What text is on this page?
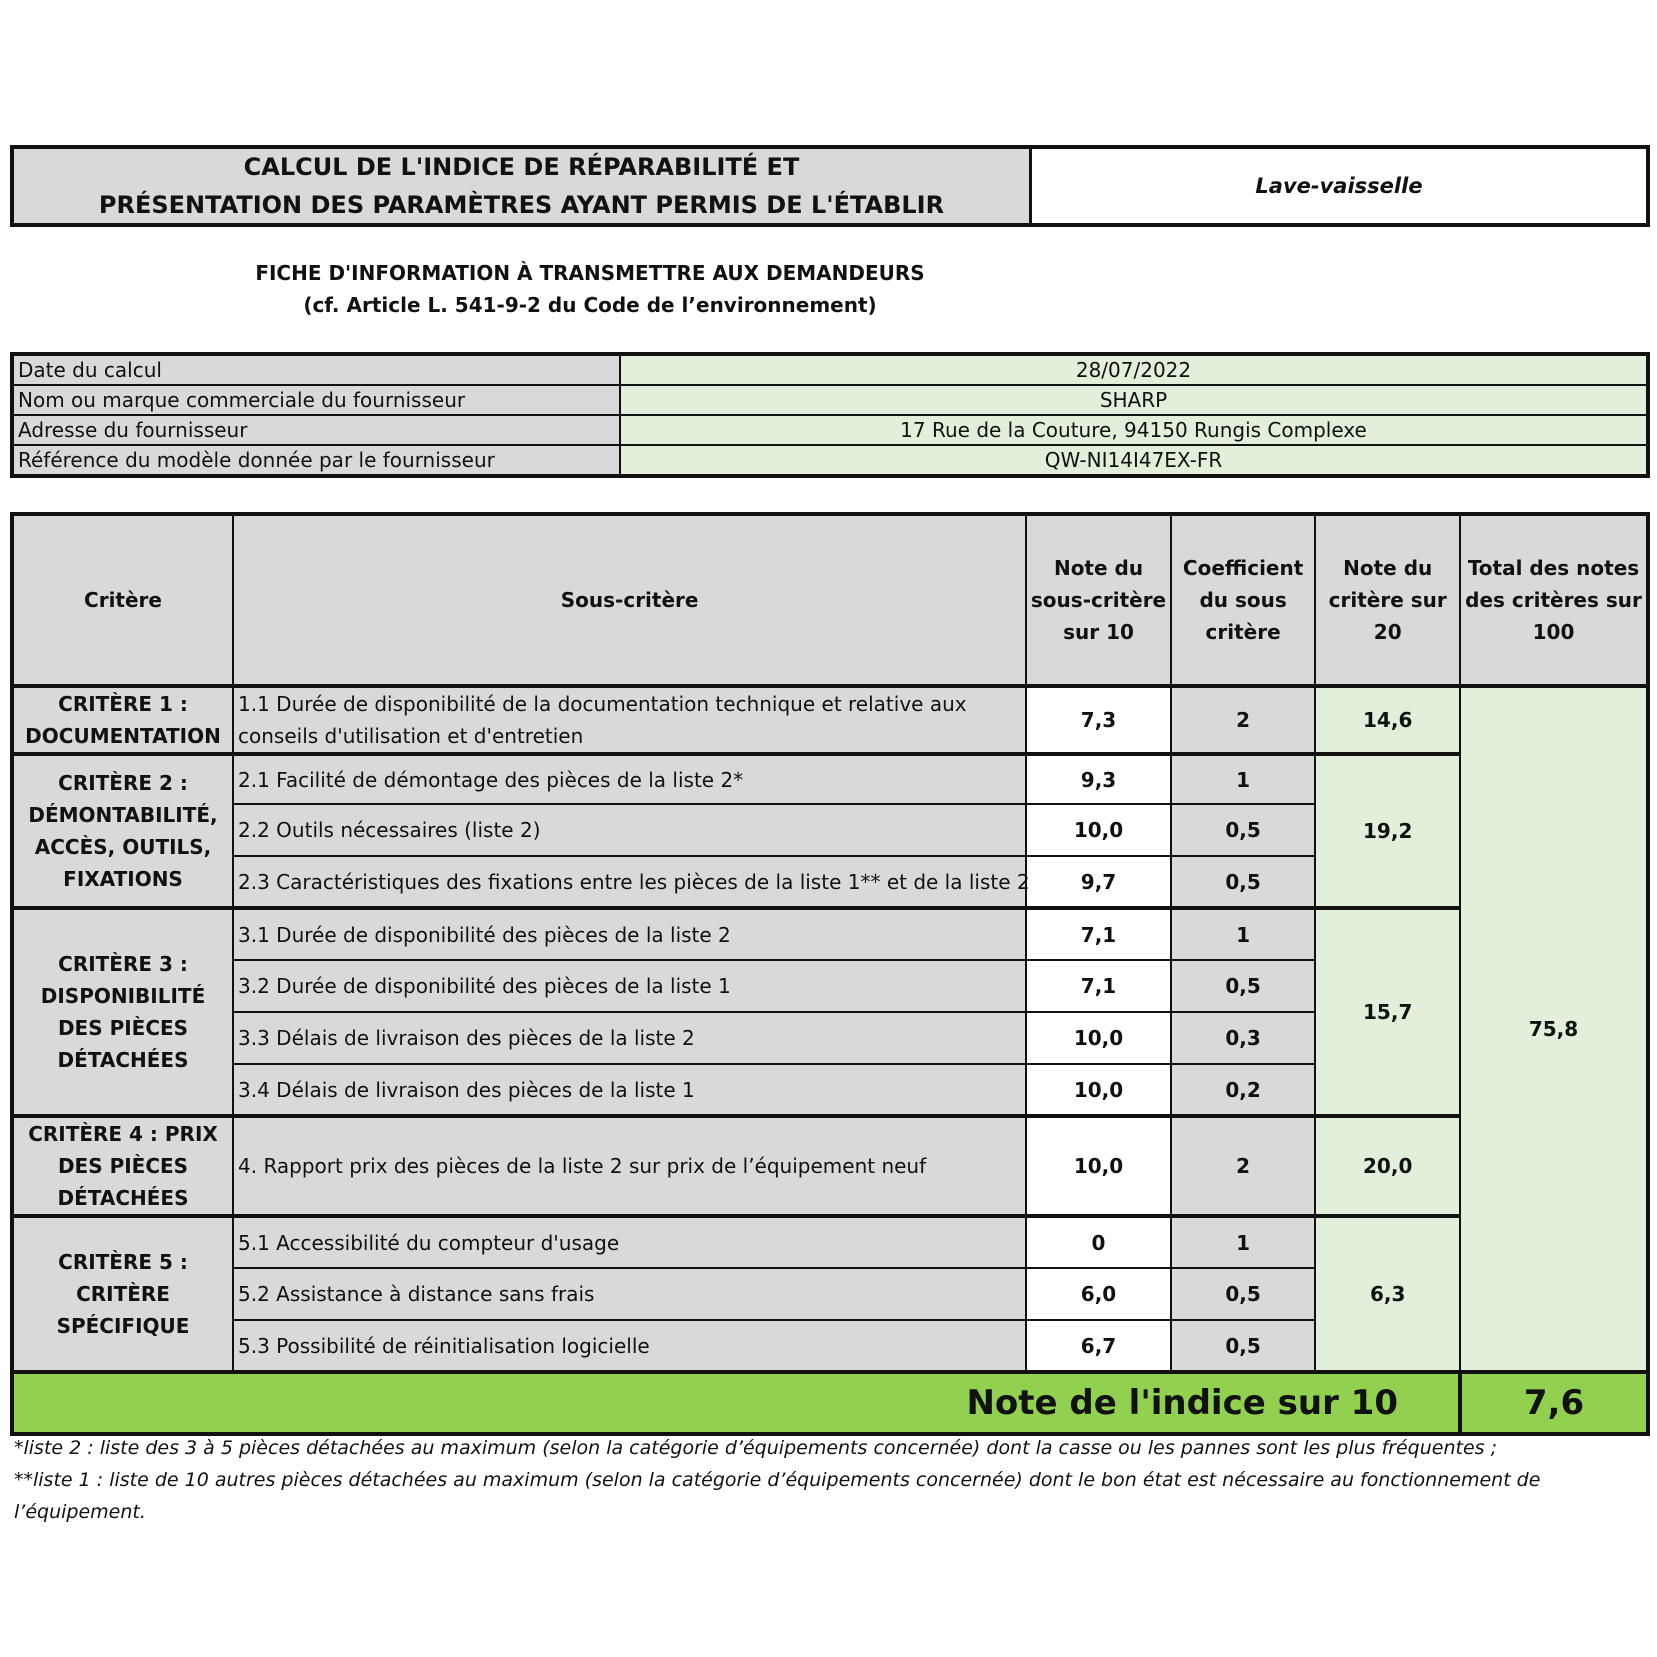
CALCUL DE L'INDICE DE RÉPARABILITÉ ET
PRÉSENTATION DES PARAMÈTRES AYANT PERMIS DE L'ÉTABLIR
Lave-vaisselle
FICHE D'INFORMATION À TRANSMETTRE AUX DEMANDEURS
(cf. Article L. 541-9-2 du Code de l’environnement)
Date du calcul	28/07/2022
Nom ou marque commerciale du fournisseur	SHARP
Adresse du fournisseur	17 Rue de la Couture, 94150 Rungis Complexe
Référence du modèle donnée par le fournisseur	QW-NI14I47EX-FR
Critère	Sous-critère	Note du sous-critère sur 10	Coefficient du sous critère	Note du critère sur 20	Total des notes des critères sur 100
CRITÈRE 1 : DOCUMENTATION	1.1 Durée de disponibilité de la documentation technique et relative aux conseils d'utilisation et d'entretien	7,3	2	14,6	75,8
CRITÈRE 2 : DÉMONTABILITÉ, ACCÈS, OUTILS, FIXATIONS	2.1 Facilité de démontage des pièces de la liste 2*	9,3	1	19,2	
	2.2 Outils nécessaires (liste 2)	10,0	0,5		
	2.3 Caractéristiques des fixations entre les pièces de la liste 1** et de la liste 2	9,7	0,5		
CRITÈRE 3 : DISPONIBILITÉ DES PIÈCES DÉTACHÉES	3.1 Durée de disponibilité des pièces de la liste 2	7,1	1	15,7	
	3.2 Durée de disponibilité des pièces de la liste 1	7,1	0,5		
	3.3 Délais de livraison des pièces de la liste 2	10,0	0,3		
	3.4 Délais de livraison des pièces de la liste 1	10,0	0,2		
CRITÈRE 4 : PRIX DES PIÈCES DÉTACHÉES	4. Rapport prix des pièces de la liste 2 sur prix de l’équipement neuf	10,0	2	20,0	
CRITÈRE 5 : CRITÈRE SPÉCIFIQUE	5.1 Accessibilité du compteur d'usage	0	1	6,3	
	5.2 Assistance à distance sans frais	6,0	0,5		
	5.3 Possibilité de réinitialisation logicielle	6,7	0,5		
Note de l'indice sur 10					7,6
*liste 2 : liste des 3 à 5 pièces détachées au maximum (selon la catégorie d’équipements concernée) dont la casse ou les pannes sont les plus fréquentes ;
**liste 1 : liste de 10 autres pièces détachées au maximum (selon la catégorie d’équipements concernée) dont le bon état est nécessaire au fonctionnement de l’équipement.
